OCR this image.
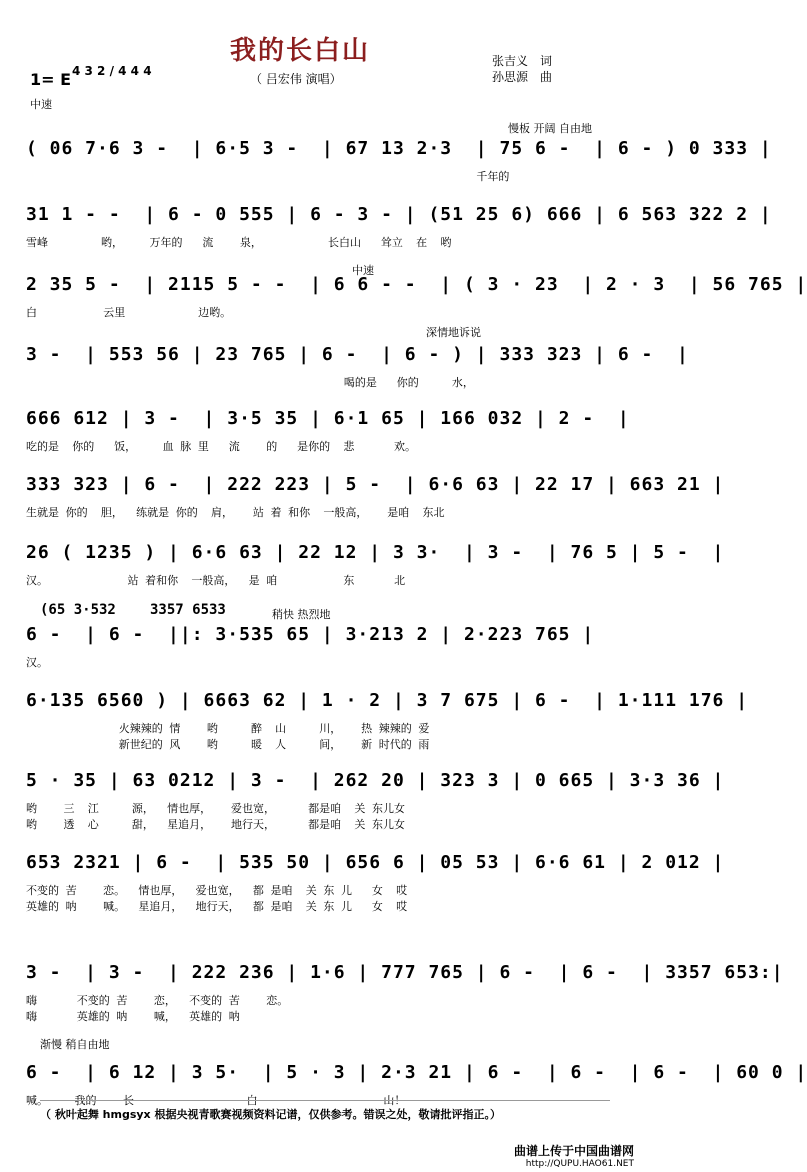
我的长白山
（ 吕宏伟 演唱）
张吉义　词
孙思源　曲
1= E 4 3 2 / 4 4 4
中速
慢板 开阔 自由地
中速
深情地诉说
稍快 热烈地
渐慢 稍自由地
(65 3·532 3357 6533
( 06 7·6 3 -  | 6·5 3 -  | 67 13 2·3  | 75 6 -  | 6 - ) 0 333 |
千年的
31 1 - -  | 6 - 0 555 | 6 - 3 - | (51 25 6) 666 | 6 563 322 2 |
雪峰        哟，    万年的   流    泉，          长白山   耸立  在  哟
2 35 5 -  | 2115 5 - -  | 6 6 - -  | ( 3 · 23  | 2 · 3  | 56 765 |
白          云里           边哟。
3 -  | 553 56 | 23 765 | 6 -  | 6 - ) | 333 323 | 6 -  |
喝的是   你的     水，
666 612 | 3 -  | 3·5 35 | 6·1 65 | 166 032 | 2 -  |
吃的是  你的   饭，    血 脉 里   流    的   是你的  悲      欢。
333 323 | 6 -  | 222 223 | 5 -  | 6·6 63 | 22 17 | 663 21 |
生就是 你的  胆，  练就是 你的  肩，   站 着 和你  一般高，   是咱  东北
26 ( 1235 ) | 6·6 63 | 22 12 | 3 3·  | 3 -  | 76 5 | 5 -  |
汉。            站 着和你  一般高，  是 咱          东      北
6 -  | 6 -  ||: 3·535 65 | 3·213 2 | 2·223 765 |
汉。
6·135 6560 ) | 6663 62 | 1 · 2 | 3 7 675 | 6 -  | 1·111 176 |
火辣辣的 情    哟     醉  山     川，   热 辣辣的 爱
新世纪的 风    哟     暖  人     间，   新 时代的 雨
5 · 35 | 63 0212 | 3 -  | 262 20 | 323 3 | 0 665 | 3·3 36 |
哟    三  江     源，  情也厚，   爱也宽，     都是咱  关 东儿女
哟    透  心     甜，  星追月，   地行天，     都是咱  关 东儿女
653 2321 | 6 -  | 535 50 | 656 6 | 05 53 | 6·6 61 | 2 012 |
不变的 苦    恋。  情也厚，  爱也宽，  都 是咱  关 东 儿   女  哎
英雄的 呐    喊。  星追月，  地行天，  都 是咱  关 东 儿   女  哎
3 -  | 3 -  | 222 236 | 1·6 | 777 765 | 6 -  | 6 -  | 3357 653:|
嗨      不变的 苦    恋，  不变的 苦    恋。
嗨      英雄的 呐    喊，  英雄的 呐
6 -  | 6 12 | 3 5·  | 5 · 3 | 2·3 21 | 6 -  | 6 -  | 6 -  | 60 0 |
喊。    我的    长                 白                   山！
（ 秋叶起舞 hmgsyx 根据央视青歌赛视频资料记谱，仅供参考。错误之处，敬请批评指正。）
曲谱上传于中国曲谱网
http://QUPU.HAO61.NET
